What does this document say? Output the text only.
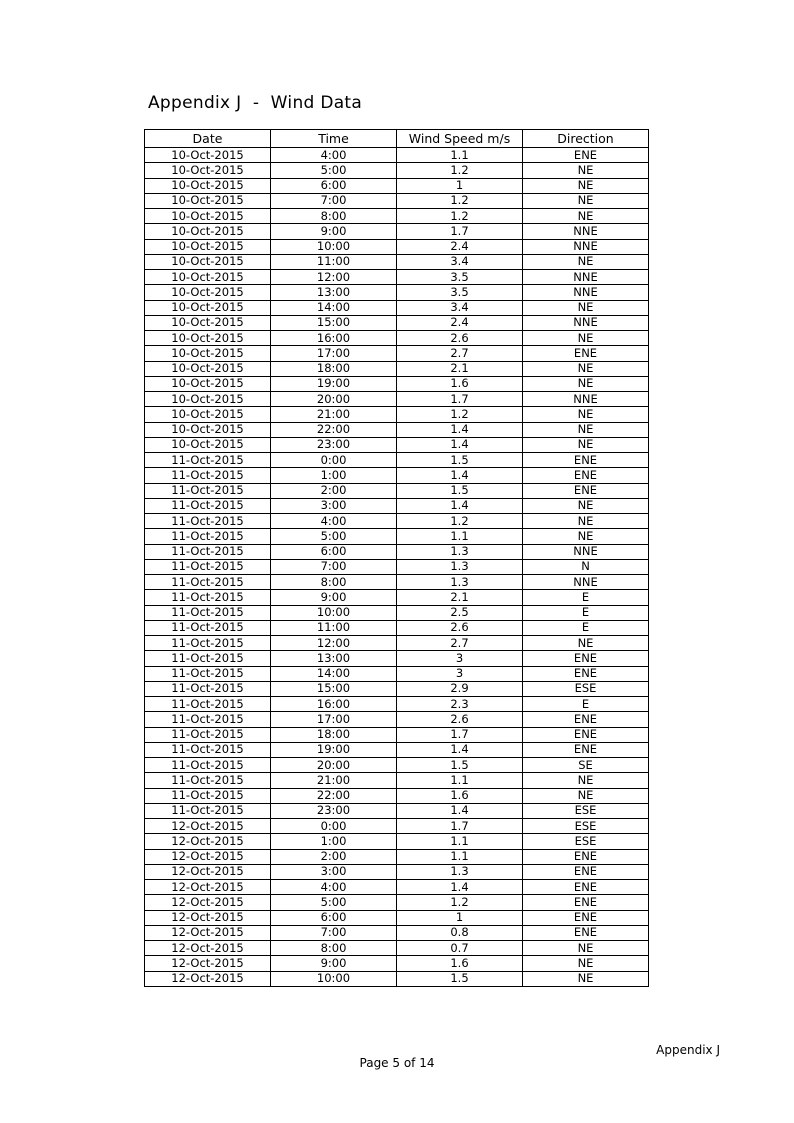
Appendix J  -  Wind Data
Date	Time	Wind Speed m/s	Direction
10-Oct-2015	4:00	1.1	ENE
10-Oct-2015	5:00	1.2	NE
10-Oct-2015	6:00	1	NE
10-Oct-2015	7:00	1.2	NE
10-Oct-2015	8:00	1.2	NE
10-Oct-2015	9:00	1.7	NNE
10-Oct-2015	10:00	2.4	NNE
10-Oct-2015	11:00	3.4	NE
10-Oct-2015	12:00	3.5	NNE
10-Oct-2015	13:00	3.5	NNE
10-Oct-2015	14:00	3.4	NE
10-Oct-2015	15:00	2.4	NNE
10-Oct-2015	16:00	2.6	NE
10-Oct-2015	17:00	2.7	ENE
10-Oct-2015	18:00	2.1	NE
10-Oct-2015	19:00	1.6	NE
10-Oct-2015	20:00	1.7	NNE
10-Oct-2015	21:00	1.2	NE
10-Oct-2015	22:00	1.4	NE
10-Oct-2015	23:00	1.4	NE
11-Oct-2015	0:00	1.5	ENE
11-Oct-2015	1:00	1.4	ENE
11-Oct-2015	2:00	1.5	ENE
11-Oct-2015	3:00	1.4	NE
11-Oct-2015	4:00	1.2	NE
11-Oct-2015	5:00	1.1	NE
11-Oct-2015	6:00	1.3	NNE
11-Oct-2015	7:00	1.3	N
11-Oct-2015	8:00	1.3	NNE
11-Oct-2015	9:00	2.1	E
11-Oct-2015	10:00	2.5	E
11-Oct-2015	11:00	2.6	E
11-Oct-2015	12:00	2.7	NE
11-Oct-2015	13:00	3	ENE
11-Oct-2015	14:00	3	ENE
11-Oct-2015	15:00	2.9	ESE
11-Oct-2015	16:00	2.3	E
11-Oct-2015	17:00	2.6	ENE
11-Oct-2015	18:00	1.7	ENE
11-Oct-2015	19:00	1.4	ENE
11-Oct-2015	20:00	1.5	SE
11-Oct-2015	21:00	1.1	NE
11-Oct-2015	22:00	1.6	NE
11-Oct-2015	23:00	1.4	ESE
12-Oct-2015	0:00	1.7	ESE
12-Oct-2015	1:00	1.1	ESE
12-Oct-2015	2:00	1.1	ENE
12-Oct-2015	3:00	1.3	ENE
12-Oct-2015	4:00	1.4	ENE
12-Oct-2015	5:00	1.2	ENE
12-Oct-2015	6:00	1	ENE
12-Oct-2015	7:00	0.8	ENE
12-Oct-2015	8:00	0.7	NE
12-Oct-2015	9:00	1.6	NE
12-Oct-2015	10:00	1.5	NE
Appendix J
Page 5 of 14
